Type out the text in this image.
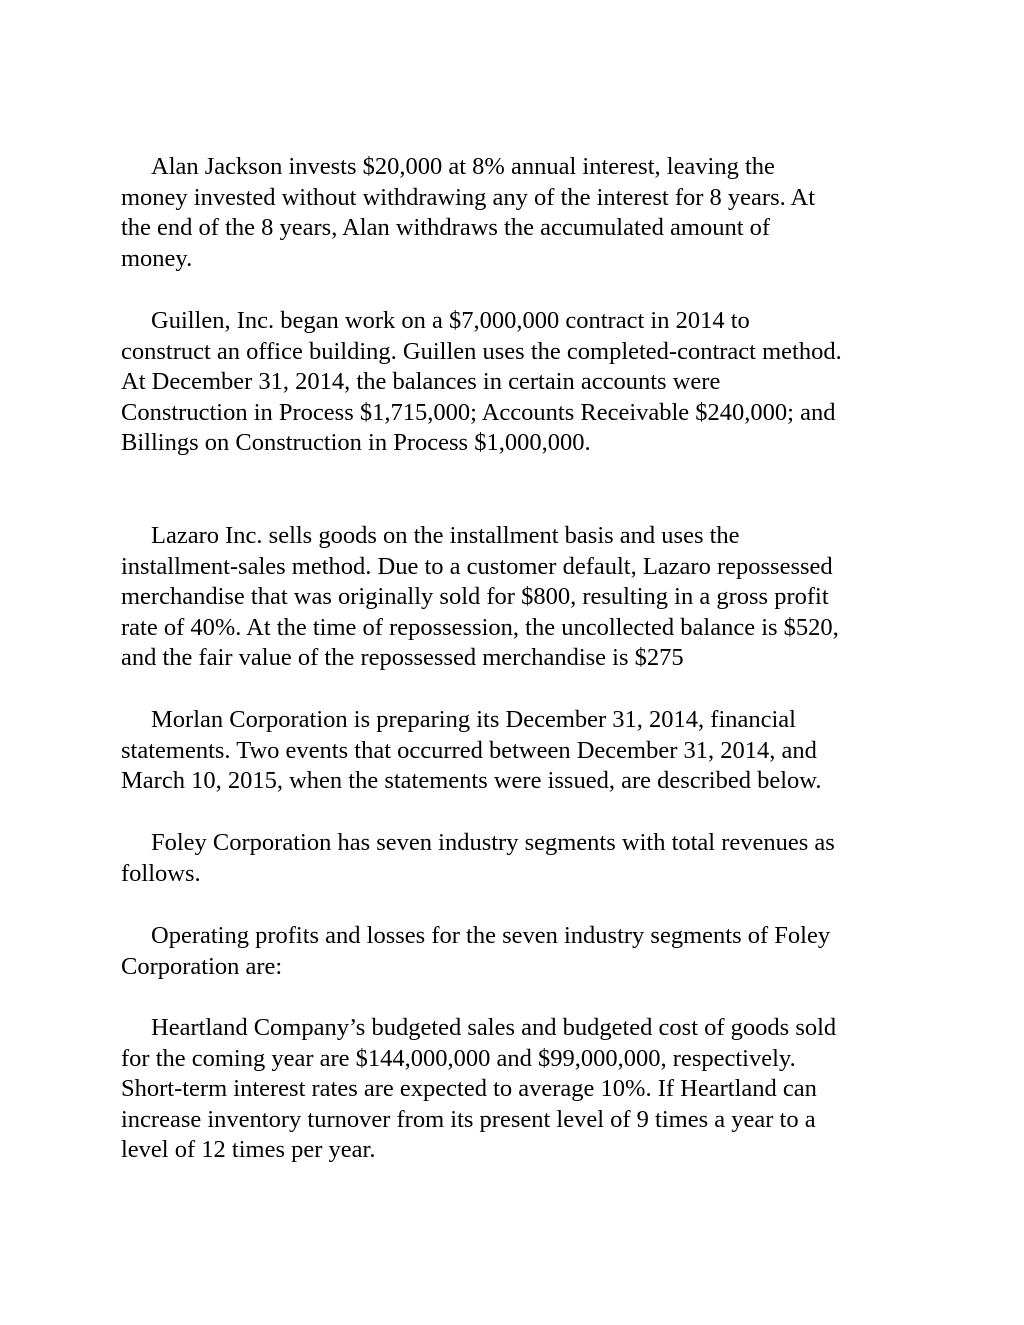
Alan Jackson invests $20,000 at 8% annual interest, leaving the
money invested without withdrawing any of the interest for 8 years. At
the end of the 8 years, Alan withdraws the accumulated amount of
money.

Guillen, Inc. began work on a $7,000,000 contract in 2014 to
construct an office building. Guillen uses the completed-contract method.
At December 31, 2014, the balances in certain accounts were
Construction in Process $1,715,000; Accounts Receivable $240,000; and
Billings on Construction in Process $1,000,000.

Lazaro Inc. sells goods on the installment basis and uses the
installment-sales method. Due to a customer default, Lazaro repossessed
merchandise that was originally sold for $800, resulting in a gross profit
rate of 40%. At the time of repossession, the uncollected balance is $520,
and the fair value of the repossessed merchandise is $275

Morlan Corporation is preparing its December 31, 2014, financial
statements. Two events that occurred between December 31, 2014, and
March 10, 2015, when the statements were issued, are described below.

Foley Corporation has seven industry segments with total revenues as
follows.

Operating profits and losses for the seven industry segments of Foley
Corporation are:

Heartland Company’s budgeted sales and budgeted cost of goods sold
for the coming year are $144,000,000 and $99,000,000, respectively.
Short-term interest rates are expected to average 10%. If Heartland can
increase inventory turnover from its present level of 9 times a year to a
level of 12 times per year.
